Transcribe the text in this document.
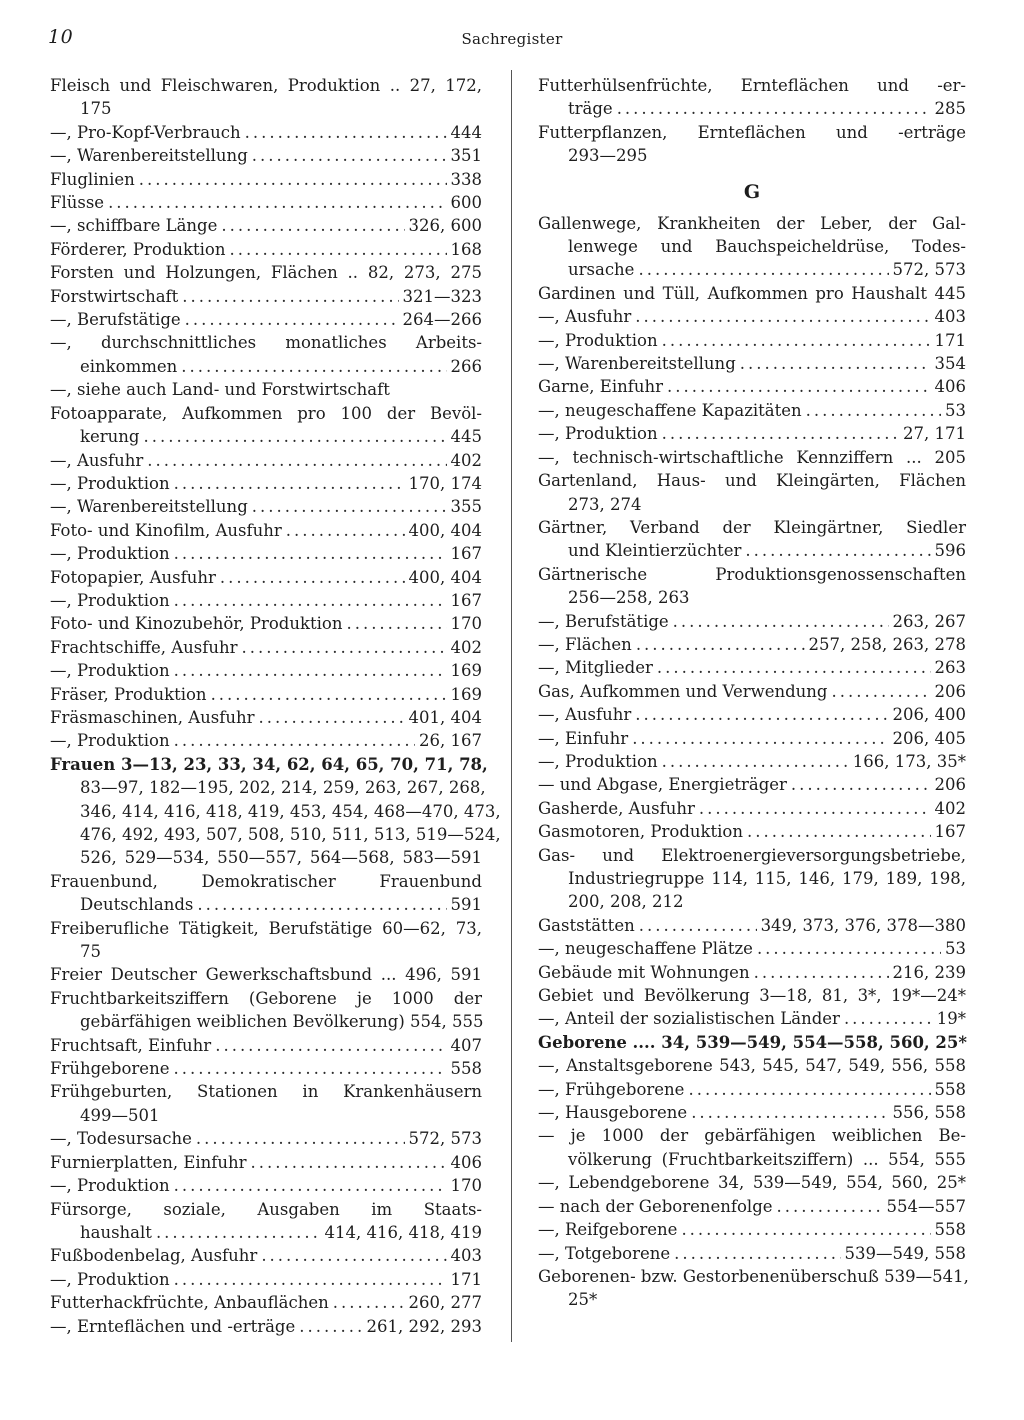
10	Sachregister
Fleisch und Fleischwaren, Produktion .. 27, 172,
175
—, Pro-Kopf-Verbrauch .....	444
—, Warenbereitstellung .....	351
Fluglinien .....	338
Flüsse .....	600
—, schiffbare Länge .....	326, 600
Förderer, Produktion .....	168
Forsten und Holzungen, Flächen .. 82, 273, 275
Forstwirtschaft .....	321—323
—, Berufstätige .....	264—266
—, durchschnittliches monatliches Arbeits-
einkommen .....	266
—, siehe auch Land- und Forstwirtschaft
Fotoapparate, Aufkommen pro 100 der Bevöl-
kerung .....	445
—, Ausfuhr .....	402
—, Produktion .....	170, 174
—, Warenbereitstellung .....	355
Foto- und Kinofilm, Ausfuhr .....	400, 404
—, Produktion .....	167
Fotopapier, Ausfuhr .....	400, 404
—, Produktion .....	167
Foto- und Kinozubehör, Produktion .....	170
Frachtschiffe, Ausfuhr .....	402
—, Produktion .....	169
Fräser, Produktion .....	169
Fräsmaschinen, Ausfuhr .....	401, 404
—, Produktion .....	26, 167
Frauen 3—13, 23, 33, 34, 62, 64, 65, 70, 71, 78,
83—97, 182—195, 202, 214, 259, 263, 267, 268,
346, 414, 416, 418, 419, 453, 454, 468—470, 473,
476, 492, 493, 507, 508, 510, 511, 513, 519—524,
526, 529—534, 550—557, 564—568, 583—591
Frauenbund, Demokratischer Frauenbund
Deutschlands .....	591
Freiberufliche Tätigkeit, Berufstätige 60—62, 73,
75
Freier Deutscher Gewerkschaftsbund ... 496, 591
Fruchtbarkeitsziffern (Geborene je 1000 der
gebärfähigen weiblichen Bevölkerung) 554, 555
Fruchtsaft, Einfuhr .....	407
Frühgeborene .....	558
Frühgeburten, Stationen in Krankenhäusern
499—501
—, Todesursache .....	572, 573
Furnierplatten, Einfuhr .....	406
—, Produktion .....	170
Fürsorge, soziale, Ausgaben im Staats-
haushalt .....	414, 416, 418, 419
Fußbodenbelag, Ausfuhr .....	403
—, Produktion .....	171
Futterhackfrüchte, Anbauflächen .....	260, 277
—, Ernteflächen und -erträge .....	261, 292, 293
Futterhülsenfrüchte, Ernteflächen und -er-
träge .....	285
Futterpflanzen, Ernteflächen und -erträge
293—295
G
Gallenwege, Krankheiten der Leber, der Gal-
lenwege und Bauchspeicheldrüse, Todes-
ursache .....	572, 573
Gardinen und Tüll, Aufkommen pro Haushalt 445
—, Ausfuhr .....	403
—, Produktion .....	171
—, Warenbereitstellung .....	354
Garne, Einfuhr .....	406
—, neugeschaffene Kapazitäten .....	53
—, Produktion .....	27, 171
—, technisch-wirtschaftliche Kennziffern ... 205
Gartenland, Haus- und Kleingärten, Flächen
273, 274
Gärtner, Verband der Kleingärtner, Siedler
und Kleintierzüchter .....	596
Gärtnerische Produktionsgenossenschaften
256—258, 263
—, Berufstätige .....	263, 267
—, Flächen .....	257, 258, 263, 278
—, Mitglieder .....	263
Gas, Aufkommen und Verwendung .....	206
—, Ausfuhr .....	206, 400
—, Einfuhr .....	206, 405
—, Produktion .....	166, 173, 35*
— und Abgase, Energieträger .....	206
Gasherde, Ausfuhr .....	402
Gasmotoren, Produktion .....	167
Gas- und Elektroenergieversorgungsbetriebe,
Industriegruppe 114, 115, 146, 179, 189, 198,
200, 208, 212
Gaststätten .....	349, 373, 376, 378—380
—, neugeschaffene Plätze .....	53
Gebäude mit Wohnungen .....	216, 239
Gebiet und Bevölkerung 3—18, 81, 3*, 19*—24*
—, Anteil der sozialistischen Länder .....	19*
Geborene .... 34, 539—549, 554—558, 560, 25*
—, Anstaltsgeborene 543, 545, 547, 549, 556, 558
—, Frühgeborene .....	558
—, Hausgeborene .....	556, 558
— je 1000 der gebärfähigen weiblichen Be-
völkerung (Fruchtbarkeitsziffern) ... 554, 555
—, Lebendgeborene 34, 539—549, 554, 560, 25*
— nach der Geborenenfolge .....	554—557
—, Reifgeborene .....	558
—, Totgeborene .....	539—549, 558
Geborenen- bzw. Gestorbenenüberschuß 539—541,
25*
